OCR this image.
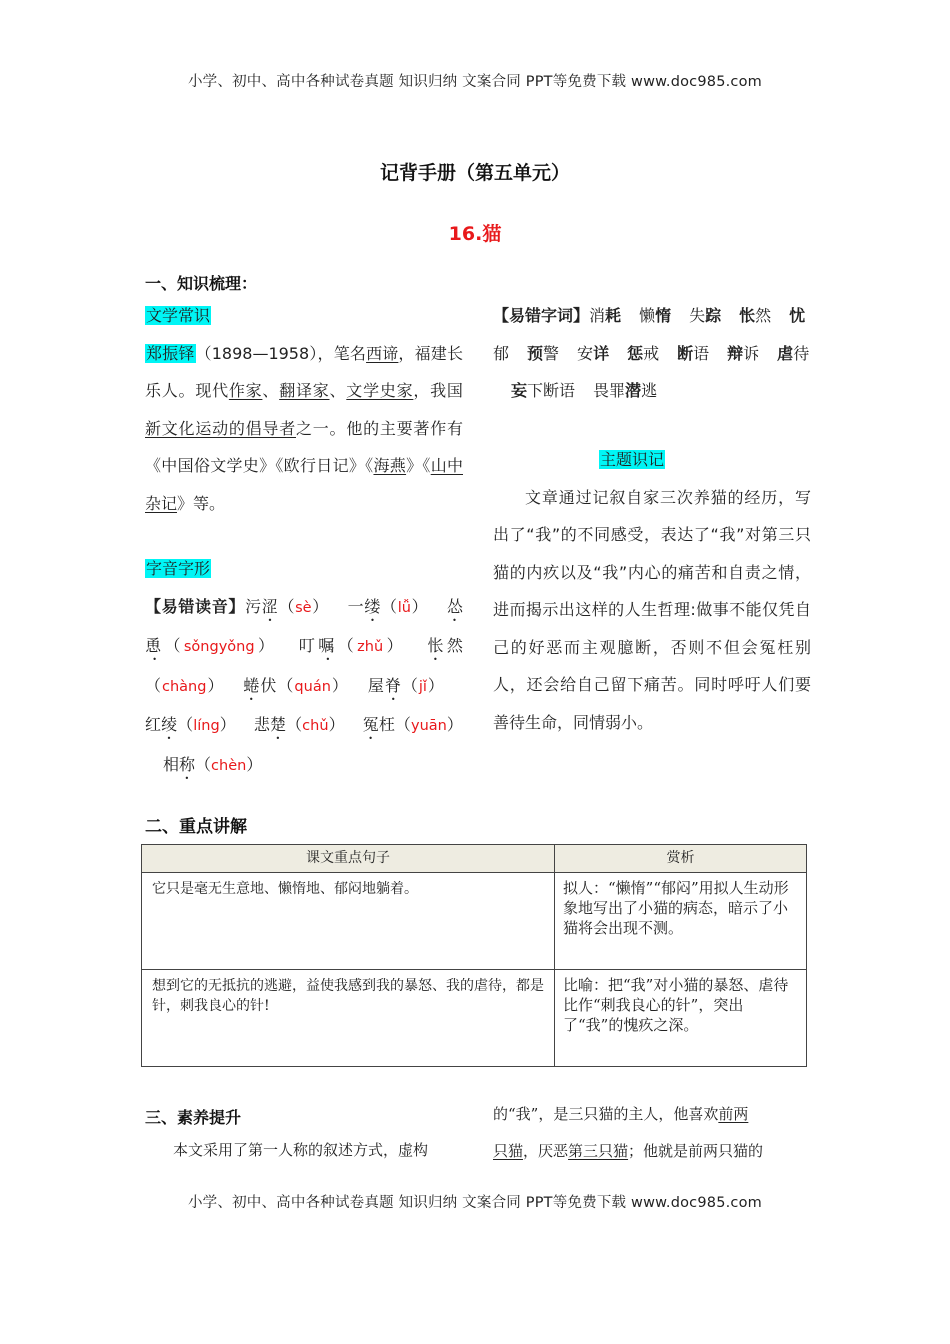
小学、初中、高中各种试卷真题 知识归纳 文案合同 PPT等免费下载 www.doc985.com
记背手册（第五单元）
16.猫
一、知识梳理：

文学常识

郑振铎（1898—1958），笔名西谛，福建长乐人。现代作家、翻译家、文学史家，我国新文化运动的倡导者之一。他的主要著作有《中国俗文学史》《欧行日记》《海燕》《山中杂记》等。

字音字形

【易错读音】污涩（sè） 一缕（lǚ） 怂恿（sǒngyǒng） 叮嘱（zhǔ） 怅然（chàng） 蜷伏（quán） 屋脊（jǐ）红绫（líng） 悲楚（chǔ） 冤枉（yuān）相称（chèn）

【易错字词】消耗 懒惰 失踪 怅然 忧郁 预警 安详 惩戒 断语 辩诉 虐待妄下断语 畏罪潜逃

主题识记

文章通过记叙自家三次养猫的经历，写出了“我”的不同感受，表达了“我”对第三只猫的内疚以及“我”内心的痛苦和自责之情，进而揭示出这样的人生哲理:做事不能仅凭自己的好恶而主观臆断，否则不但会冤枉别人，还会给自己留下痛苦。同时呼吁人们要善待生命，同情弱小。

二、重点讲解
课文重点句子	赏析
它只是毫无生意地、懒惰地、郁闷地躺着。	拟人：“懒惰”“郁闷”用拟人生动形象地写出了小猫的病态，暗示了小猫将会出现不测。
想到它的无抵抗的逃避，益使我感到我的暴怒、我的虐待，都是针，刺我良心的针!	比喻：把“我”对小猫的暴怒、虐待比作“刺我良心的针”，突出了“我”的愧疚之深。
三、素养提升
本文采用了第一人称的叙述方式，虚构
的“我”，是三只猫的主人，他喜欢前两
只猫，厌恶第三只猫；他就是前两只猫的
小学、初中、高中各种试卷真题 知识归纳 文案合同 PPT等免费下载 www.doc985.com
